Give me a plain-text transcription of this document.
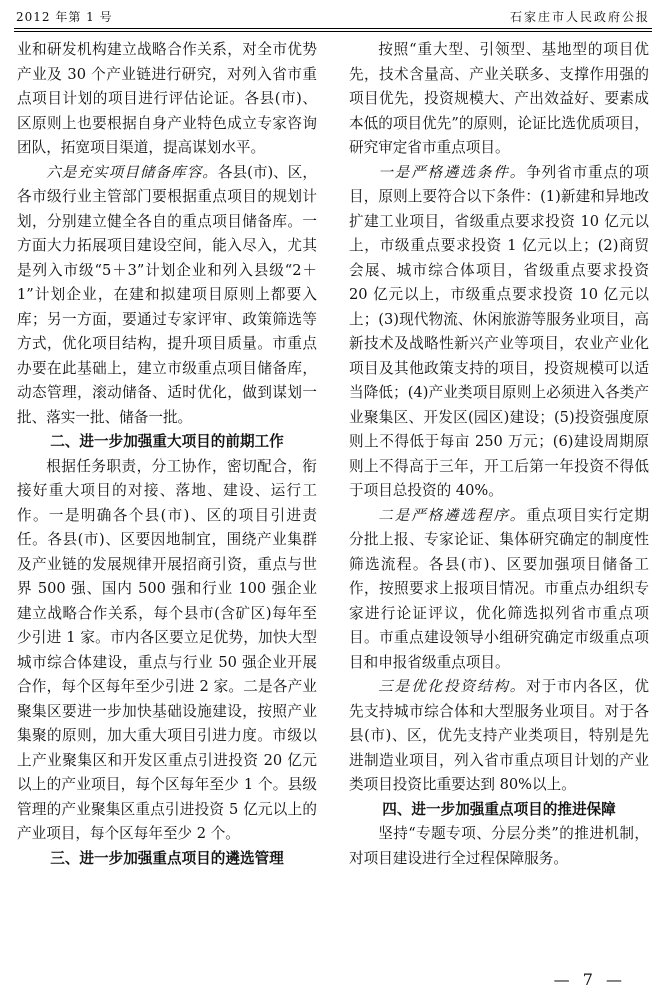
2012 年第 1 号	石家庄市人民政府公报

业和研发机构建立战略合作关系，对全市优势产业及 30 个产业链进行研究，对列入省市重点项目计划的项目进行评估论证。各县(市)、区原则上也要根据自身产业特色成立专家咨询团队，拓宽项目渠道，提高谋划水平。

六是充实项目储备库容。各县(市)、区，各市级行业主管部门要根据重点项目的规划计划，分别建立健全各自的重点项目储备库。一方面大力拓展项目建设空间，能入尽入，尤其是列入市级“5＋3”计划企业和列入县级“2＋1”计划企业，在建和拟建项目原则上都要入库；另一方面，要通过专家评审、政策筛选等方式，优化项目结构，提升项目质量。市重点办要在此基础上，建立市级重点项目储备库，动态管理，滚动储备、适时优化，做到谋划一批、落实一批、储备一批。

二、进一步加强重大项目的前期工作

根据任务职责，分工协作，密切配合，衔接好重大项目的对接、落地、建设、运行工作。一是明确各个县(市)、区的项目引进责任。各县(市)、区要因地制宜，围绕产业集群及产业链的发展规律开展招商引资，重点与世界 500 强、国内 500 强和行业 100 强企业建立战略合作关系，每个县市(含矿区)每年至少引进 1 家。市内各区要立足优势，加快大型城市综合体建设，重点与行业 50 强企业开展合作，每个区每年至少引进 2 家。二是各产业聚集区要进一步加快基础设施建设，按照产业集聚的原则，加大重大项目引进力度。市级以上产业聚集区和开发区重点引进投资 20 亿元以上的产业项目，每个区每年至少 1 个。县级管理的产业聚集区重点引进投资 5 亿元以上的产业项目，每个区每年至少 2 个。

三、进一步加强重点项目的遴选管理

按照“重大型、引领型、基地型的项目优先，技术含量高、产业关联多、支撑作用强的项目优先，投资规模大、产出效益好、要素成本低的项目优先”的原则，论证比选优质项目，研究审定省市重点项目。

一是严格遴选条件。争列省市重点的项目，原则上要符合以下条件：(1)新建和异地改扩建工业项目，省级重点要求投资 10 亿元以上，市级重点要求投资 1 亿元以上；(2)商贸会展、城市综合体项目，省级重点要求投资 20 亿元以上，市级重点要求投资 10 亿元以上；(3)现代物流、休闲旅游等服务业项目，高新技术及战略性新兴产业等项目，农业产业化项目及其他政策支持的项目，投资规模可以适当降低；(4)产业类项目原则上必须进入各类产业聚集区、开发区(园区)建设；(5)投资强度原则上不得低于每亩 250 万元；(6)建设周期原则上不得高于三年，开工后第一年投资不得低于项目总投资的 40%。

二是严格遴选程序。重点项目实行定期分批上报、专家论证、集体研究确定的制度性筛选流程。各县(市)、区要加强项目储备工作，按照要求上报项目情况。市重点办组织专家进行论证评议，优化筛选拟列省市重点项目。市重点建设领导小组研究确定市级重点项目和申报省级重点项目。

三是优化投资结构。对于市内各区，优先支持城市综合体和大型服务业项目。对于各县(市)、区，优先支持产业类项目，特别是先进制造业项目，列入省市重点项目计划的产业类项目投资比重要达到 80%以上。

四、进一步加强重点项目的推进保障

坚持“专题专项、分层分类”的推进机制，对项目建设进行全过程保障服务。

— 7 —
